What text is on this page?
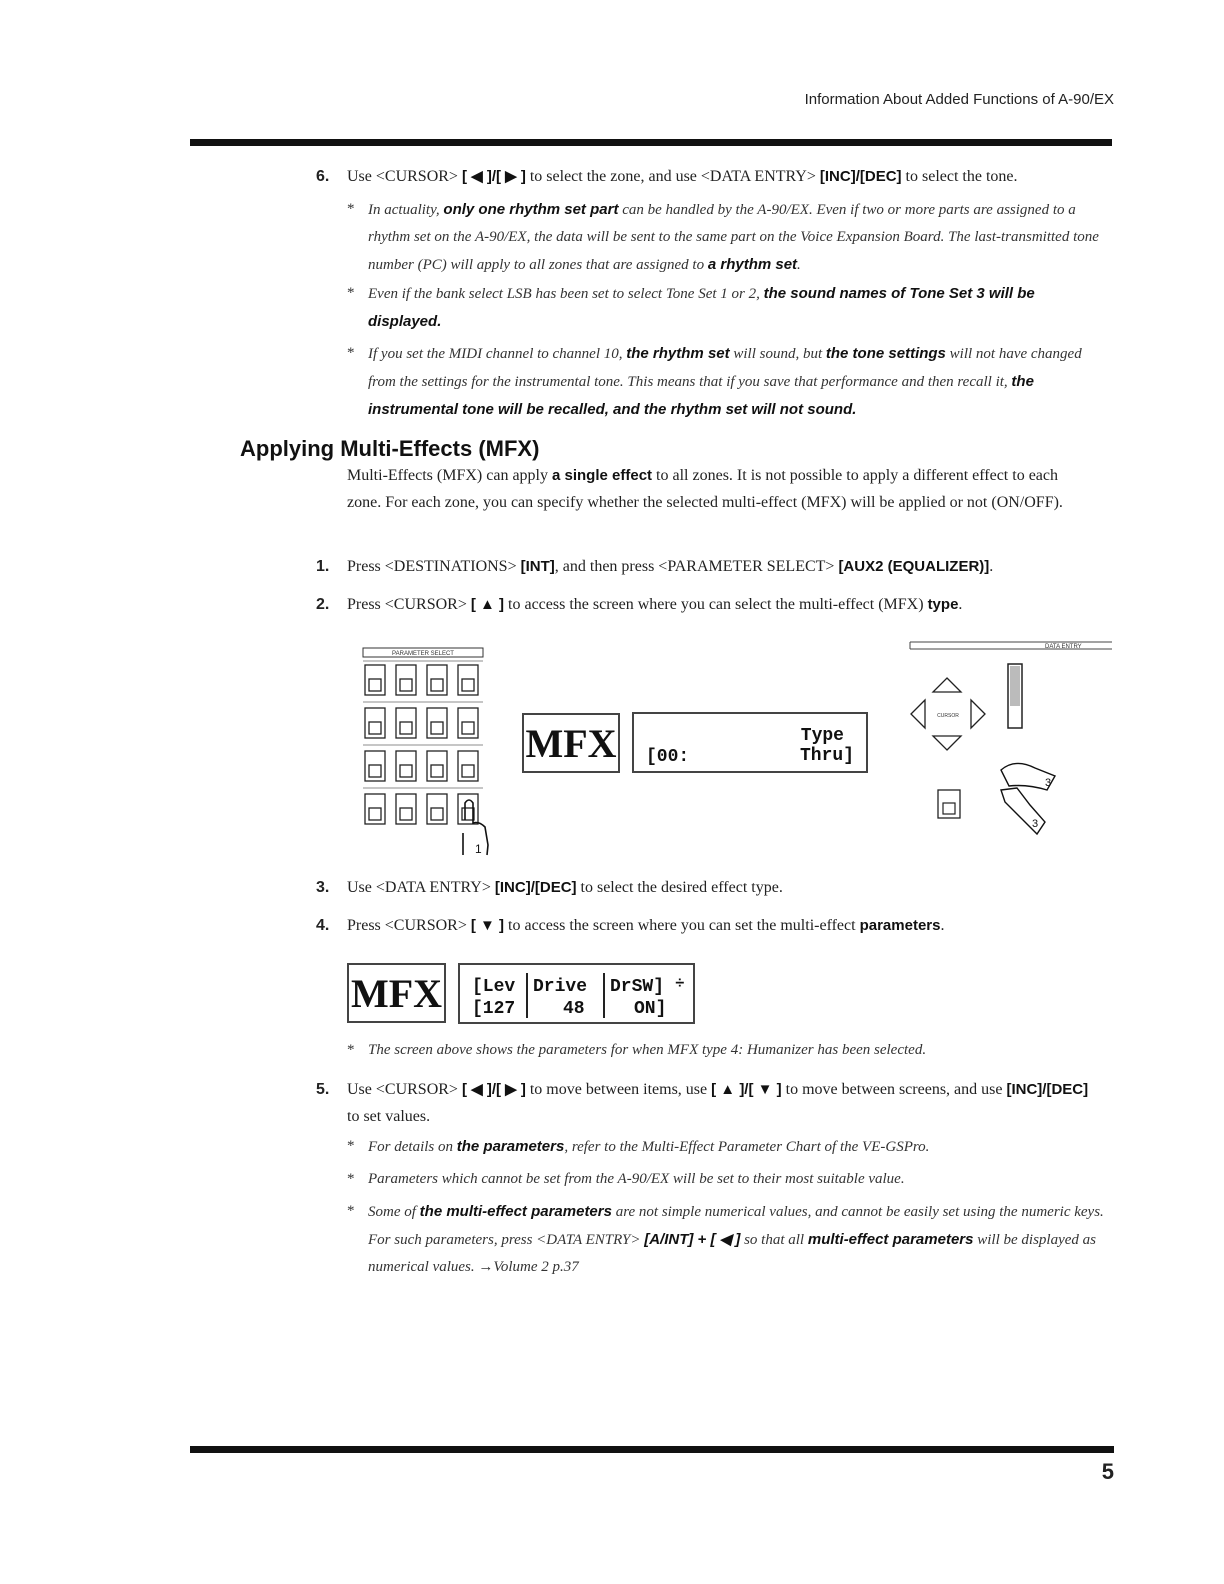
Information About Added Functions of A-90/EX
6. Use <CURSOR> [ ◀ ]/[ ▶ ] to select the zone, and use <DATA ENTRY> [INC]/[DEC] to select the tone.
* In actuality, only one rhythm set part can be handled by the A-90/EX. Even if two or more parts are assigned to a rhythm set on the A-90/EX, the data will be sent to the same part on the Voice Expansion Board. The last-transmitted tone number (PC) will apply to all zones that are assigned to a rhythm set.
* Even if the bank select LSB has been set to select Tone Set 1 or 2, the sound names of Tone Set 3 will be displayed.
* If you set the MIDI channel to channel 10, the rhythm set will sound, but the tone settings will not have changed from the settings for the instrumental tone. This means that if you save that performance and then recall it, the instrumental tone will be recalled, and the rhythm set will not sound.
Applying Multi-Effects (MFX)
Multi-Effects (MFX) can apply a single effect to all zones. It is not possible to apply a different effect to each zone. For each zone, you can specify whether the selected multi-effect (MFX) will be applied or not (ON/OFF).
1. Press <DESTINATIONS> [INT], and then press <PARAMETER SELECT> [AUX2 (EQUALIZER)].
2. Press <CURSOR> [ ▲ ] to access the screen where you can select the multi-effect (MFX) type.
PARAMETER SELECT
1
MFX	Type
[00:	Thru]
DATA ENTRY
CURSOR
3
3
3. Use <DATA ENTRY> [INC]/[DEC] to select the desired effect type.
4. Press <CURSOR> [ ▼ ] to access the screen where you can set the multi-effect parameters.
MFX [Lev
[127
Drive
48
DrSW]
ON]
÷
* The screen above shows the parameters for when MFX type 4: Humanizer has been selected.
5. Use <CURSOR> [ ◀ ]/[ ▶ ] to move between items, use [ ▲ ]/[ ▼ ] to move between screens, and use [INC]/[DEC] to set values.
* For details on the parameters, refer to the Multi-Effect Parameter Chart of the VE-GSPro.
* Parameters which cannot be set from the A-90/EX will be set to their most suitable value.
* Some of the multi-effect parameters are not simple numerical values, and cannot be easily set using the numeric keys. For such parameters, press <DATA ENTRY> [A/INT] + [ ◀ ] so that all multi-effect parameters will be displayed as numerical values. →Volume 2 p.37
5
